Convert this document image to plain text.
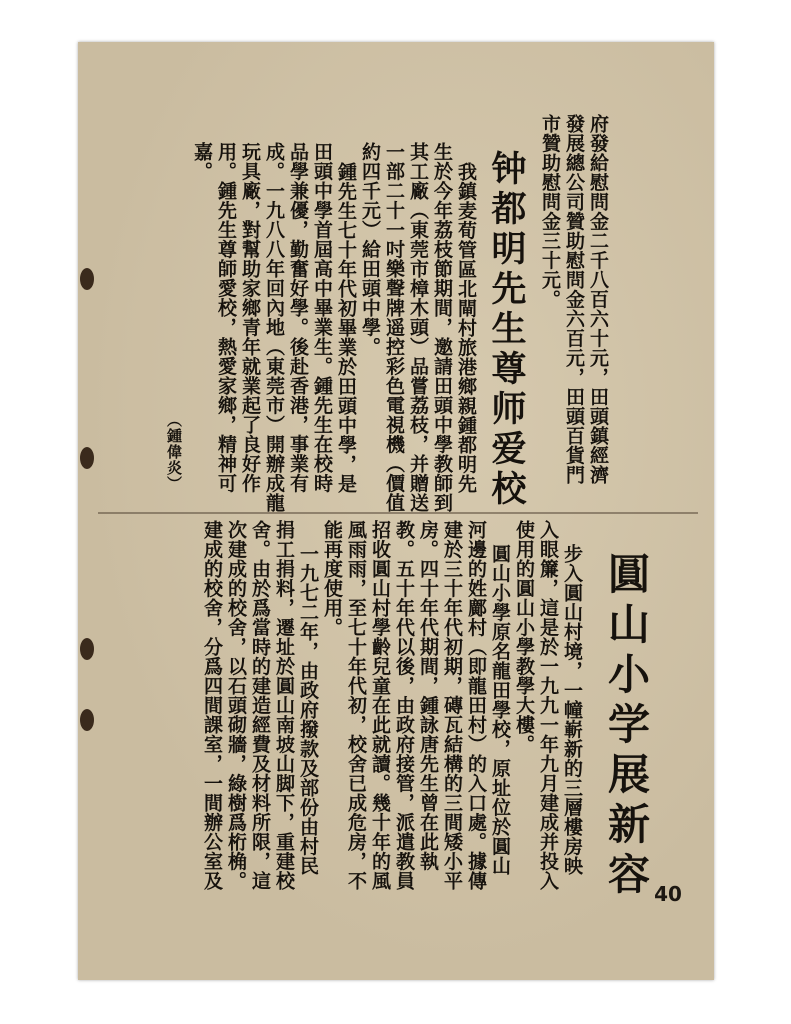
府發給慰問金二千八百六十元，田頭鎮經濟
發展總公司贊助慰問金六百元，田頭百貨門
市贊助慰問金三十元。
钟都明先生尊师爱校
我鎮麦荀管區北閘村旅港鄉親鍾都明先
生於今年荔枝節期間，邀請田頭中學教師到
其工廠（東莞市樟木頭）品嘗荔枝，并贈送
一部二十一吋樂聲牌遥控彩色電視機（價值
約四千元）給田頭中學。
鍾先生七十年代初畢業於田頭中學，是
田頭中學首屆高中畢業生。鍾先生在校時
品學兼優，勤奮好學。後赴香港，事業有
成。一九八八年回內地（東莞市）開辦成龍
玩具廠，對幫助家鄉青年就業起了良好作
用。鍾先生尊師愛校，熱愛家鄉，精神可
嘉。
（鍾偉炎）
圓山小学展新容
步入圓山村境，一幢嶄新的三層樓房映
入眼簾，這是於一九九一年九月建成并投入
使用的圓山小學教學大樓。
圓山小學原名龍田學校，原址位於圓山
河邊的姓鄺村（即龍田村）的入口處。據傳
建於三十年代初期，磚瓦結構的三間矮小平
房。四十年代期間，鍾詠唐先生曾在此執
教。五十年代以後，由政府接管，派遣教員
招收圓山村學齡兒童在此就讀。幾十年的風
風雨雨，至七十年代初，校舍已成危房，不
能再度使用。
一九七二年，由政府撥款及部份由村民
捐工捐料，遷址於圓山南坡山脚下，重建校
舍。由於爲當時的建造經費及材料所限，這
次建成的校舍，以石頭砌牆，綠樹爲桁桷。
建成的校舍，分爲四間課室，一間辦公室及
40
